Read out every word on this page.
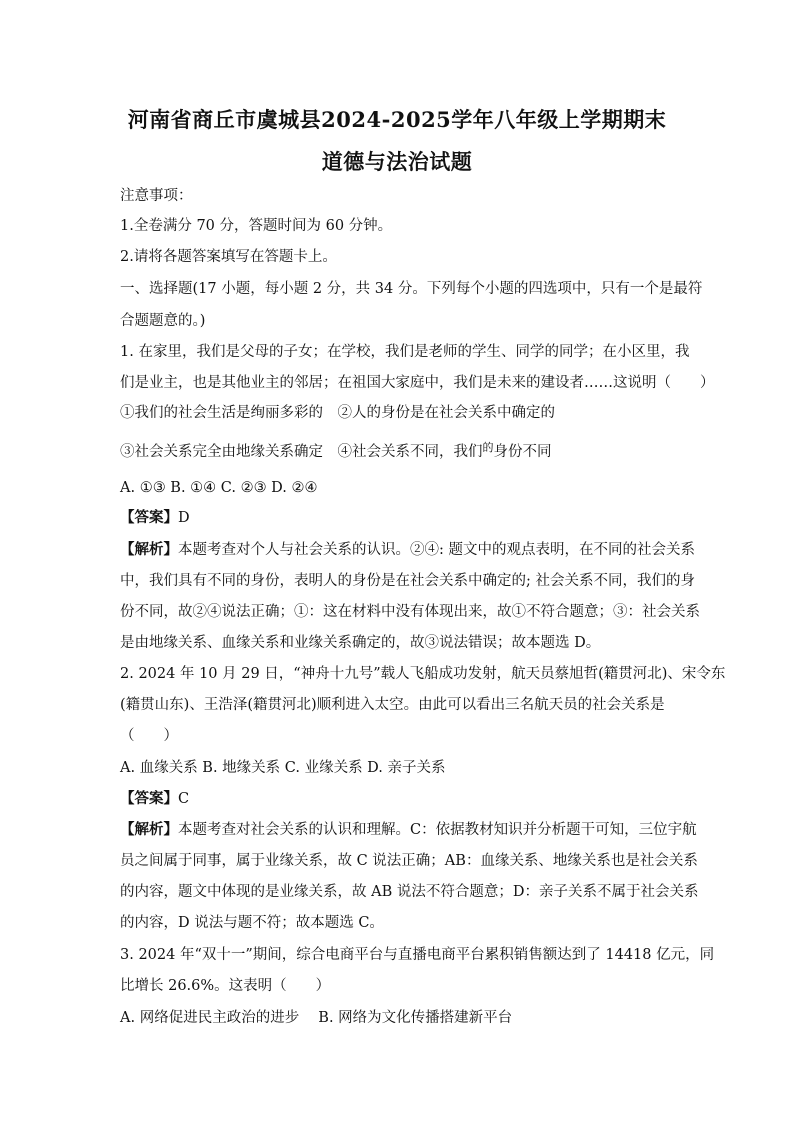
河南省商丘市虞城县2024-2025学年八年级上学期期末
道德与法治试题
注意事项：
1.全卷满分 70 分，答题时间为 60 分钟。
2.请将各题答案填写在答题卡上。
一、选择题(17 小题，每小题 2 分，共 34 分。下列每个小题的四选项中，只有一个是最符
合题题意的。)
1. 在家里，我们是父母的子女；在学校，我们是老师的学生、同学的同学；在小区里，我
们是业主，也是其他业主的邻居；在祖国大家庭中，我们是未来的建设者……这说明（　　）
①我们的社会生活是绚丽多彩的　②人的身份是在社会关系中确定的
③社会关系完全由地缘关系确定　④社会关系不同，我们$^的$身份不同
A. ①③ B. ①④ C. ②③ D. ②④
【答案】D
【解析】本题考查对个人与社会关系的认识。②④: 题文中的观点表明，在不同的社会关系
中，我们具有不同的身份，表明人的身份是在社会关系中确定的; 社会关系不同，我们的身
份不同，故②④说法正确；①：这在材料中没有体现出来，故①不符合题意；③：社会关系
是由地缘关系、血缘关系和业缘关系确定的，故③说法错误；故本题选 D。
2. 2024 年 10 月 29 日，“神舟十九号”载人飞船成功发射，航天员蔡旭哲(籍贯河北)、宋令东
(籍贯山东)、王浩泽(籍贯河北)顺利进入太空。由此可以看出三名航天员的社会关系是
（　　）
A. 血缘关系 B. 地缘关系 C. 业缘关系 D. 亲子关系
【答案】C
【解析】本题考查对社会关系的认识和理解。C：依据教材知识并分析题干可知，三位宇航
员之间属于同事，属于业缘关系，故 C 说法正确；AB：血缘关系、地缘关系也是社会关系
的内容，题文中体现的是业缘关系，故 AB 说法不符合题意；D：亲子关系不属于社会关系
的内容，D 说法与题不符；故本题选 C。
3. 2024 年“双十一”期间，综合电商平台与直播电商平台累积销售额达到了 14418 亿元，同
比增长 26.6%。这表明（　　）
A. 网络促进民主政治的进步　 B. 网络为文化传播搭建新平台
